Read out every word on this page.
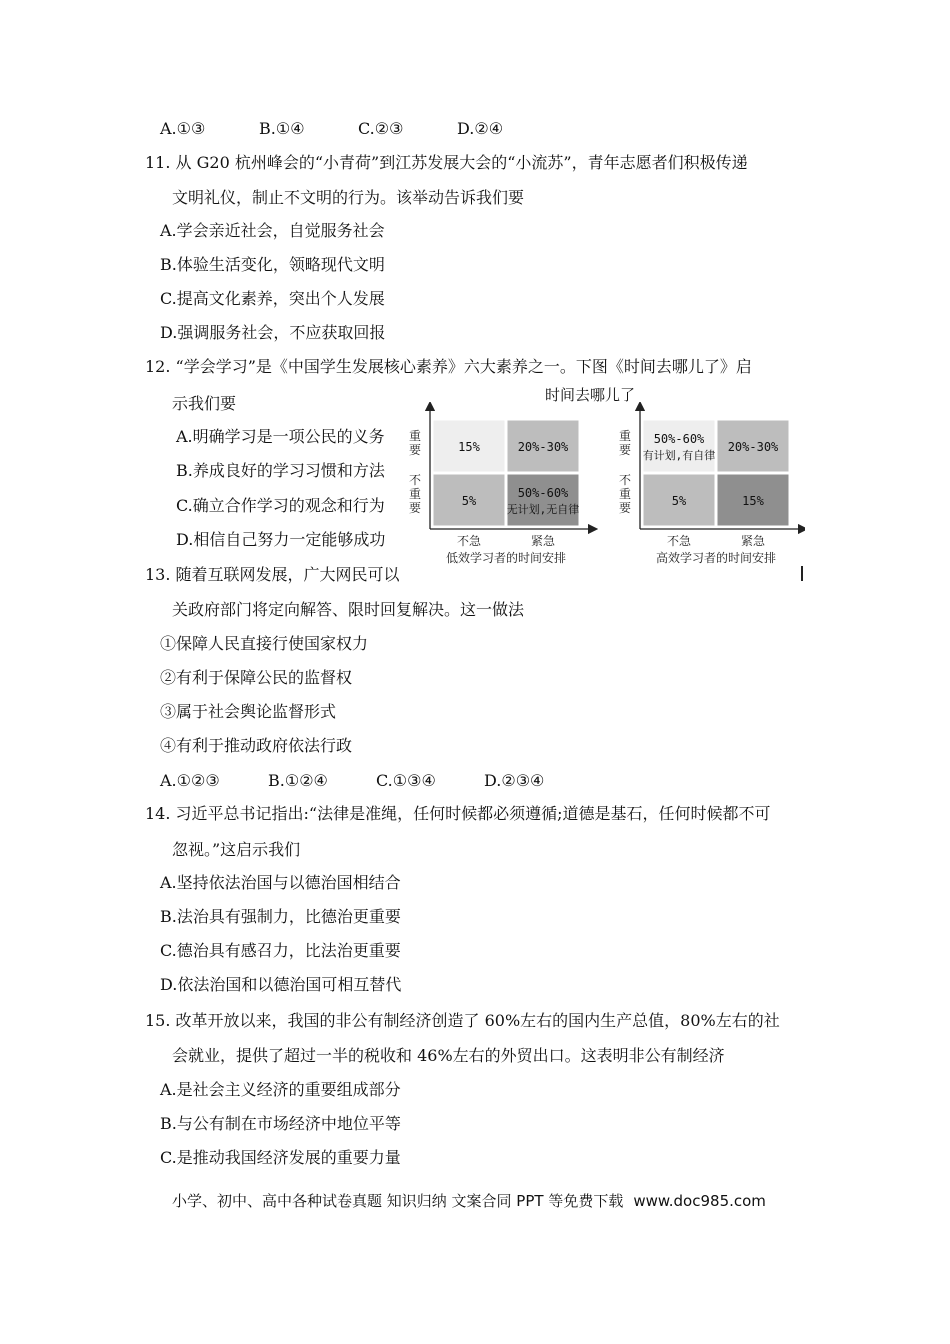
A.①③	B.①④	C.②③	D.②④
11. 从 G20 杭州峰会的“小青荷”到江苏发展大会的“小流苏”，青年志愿者们积极传递
文明礼仪，制止不文明的行为。该举动告诉我们要
A.学会亲近社会，自觉服务社会
B.体验生活变化，领略现代文明
C.提高文化素养，突出个人发展
D.强调服务社会，不应获取回报
12. “学会学习”是《中国学生发展核心素养》六大素养之一。下图《时间去哪儿了》启
示我们要
A.明确学习是一项公民的义务
B.养成良好的学习习惯和方法
C.确立合作学习的观念和行为
D.相信自己努力一定能够成功
时间去哪儿了
15%	20%-30%
5%
50%-60%
无计划,无自律
重
要
不
重
要
不急	紧急
低效学习者的时间安排
50%-60%
有计划,有自律
20%-30%
5%	15%
重
要
不
重
要
不急	紧急
高效学习者的时间安排
13. 随着互联网发展，广大网民可以
关政府部门将定向解答、限时回复解决。这一做法
①保障人民直接行使国家权力
②有利于保障公民的监督权
③属于社会舆论监督形式
④有利于推动政府依法行政
A.①②③	B.①②④	C.①③④	D.②③④
14. 习近平总书记指出:“法律是准绳，任何时候都必须遵循;道德是基石，任何时候都不可
忽视。”这启示我们
A.坚持依法治国与以德治国相结合
B.法治具有强制力，比德治更重要
C.德治具有感召力，比法治更重要
D.依法治国和以德治国可相互替代
15. 改革开放以来，我国的非公有制经济创造了 60%左右的国内生产总值，80%左右的社
会就业，提供了超过一半的税收和 46%左右的外贸出口。这表明非公有制经济
A.是社会主义经济的重要组成部分
B.与公有制在市场经济中地位平等
C.是推动我国经济发展的重要力量
小学、初中、高中各种试卷真题 知识归纳 文案合同 PPT 等免费下载 www.doc985.com
